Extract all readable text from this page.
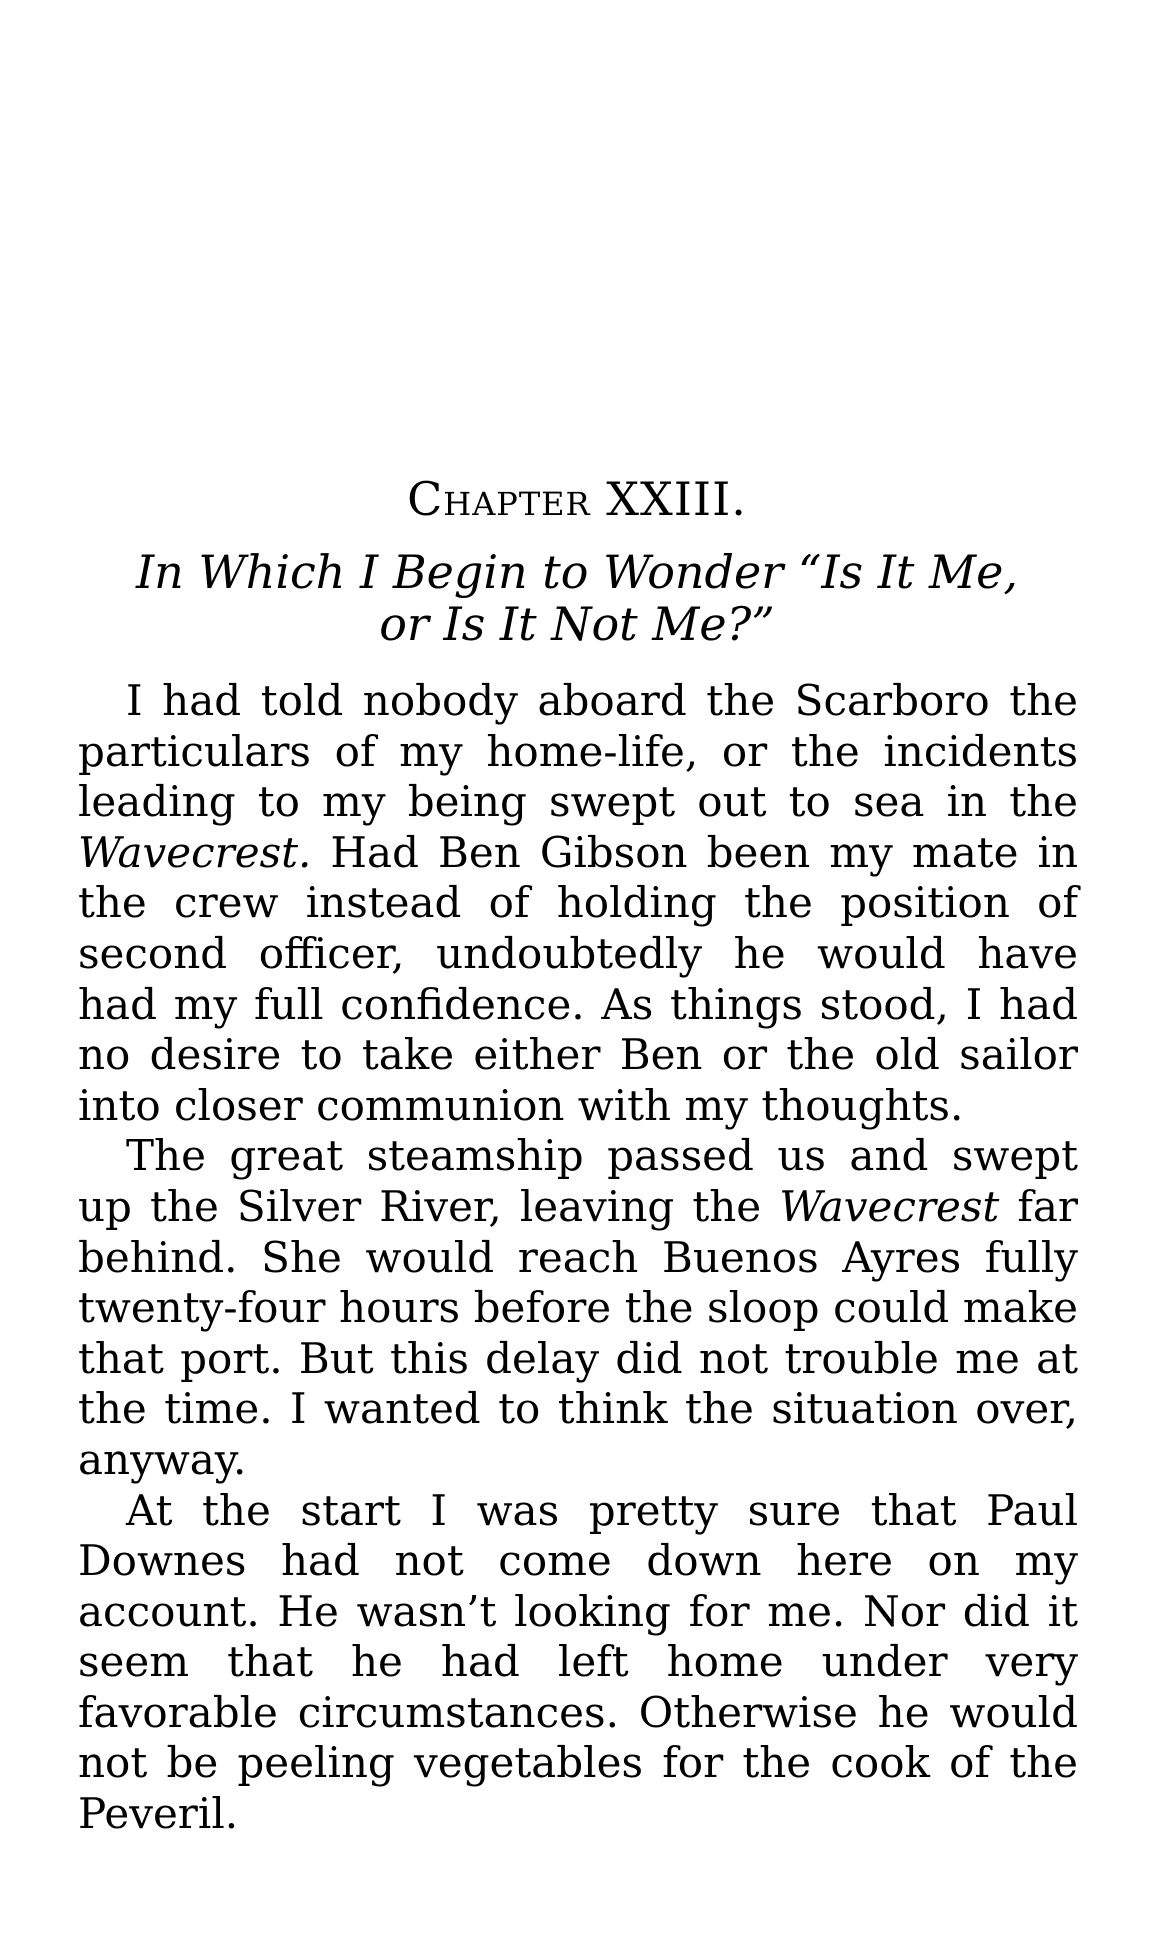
Chapter XXIII.
In Which I Begin to Wonder “Is It Me, or Is It Not Me?”

I had told nobody aboard the Scarboro the particulars of my home-life, or the incidents leading to my being swept out to sea in the Wavecrest. Had Ben Gibson been my mate in the crew instead of holding the position of second officer, undoubtedly he would have had my full confidence. As things stood, I had no desire to take either Ben or the old sailor into closer communion with my thoughts.

The great steamship passed us and swept up the Silver River, leaving the Wavecrest far behind. She would reach Buenos Ayres fully twenty-four hours before the sloop could make that port. But this delay did not trouble me at the time. I wanted to think the situation over, anyway.

At the start I was pretty sure that Paul Downes had not come down here on my account. He wasn’t looking for me. Nor did it seem that he had left home under very favorable circumstances. Otherwise he would not be peeling vegetables for the cook of the Peveril.
